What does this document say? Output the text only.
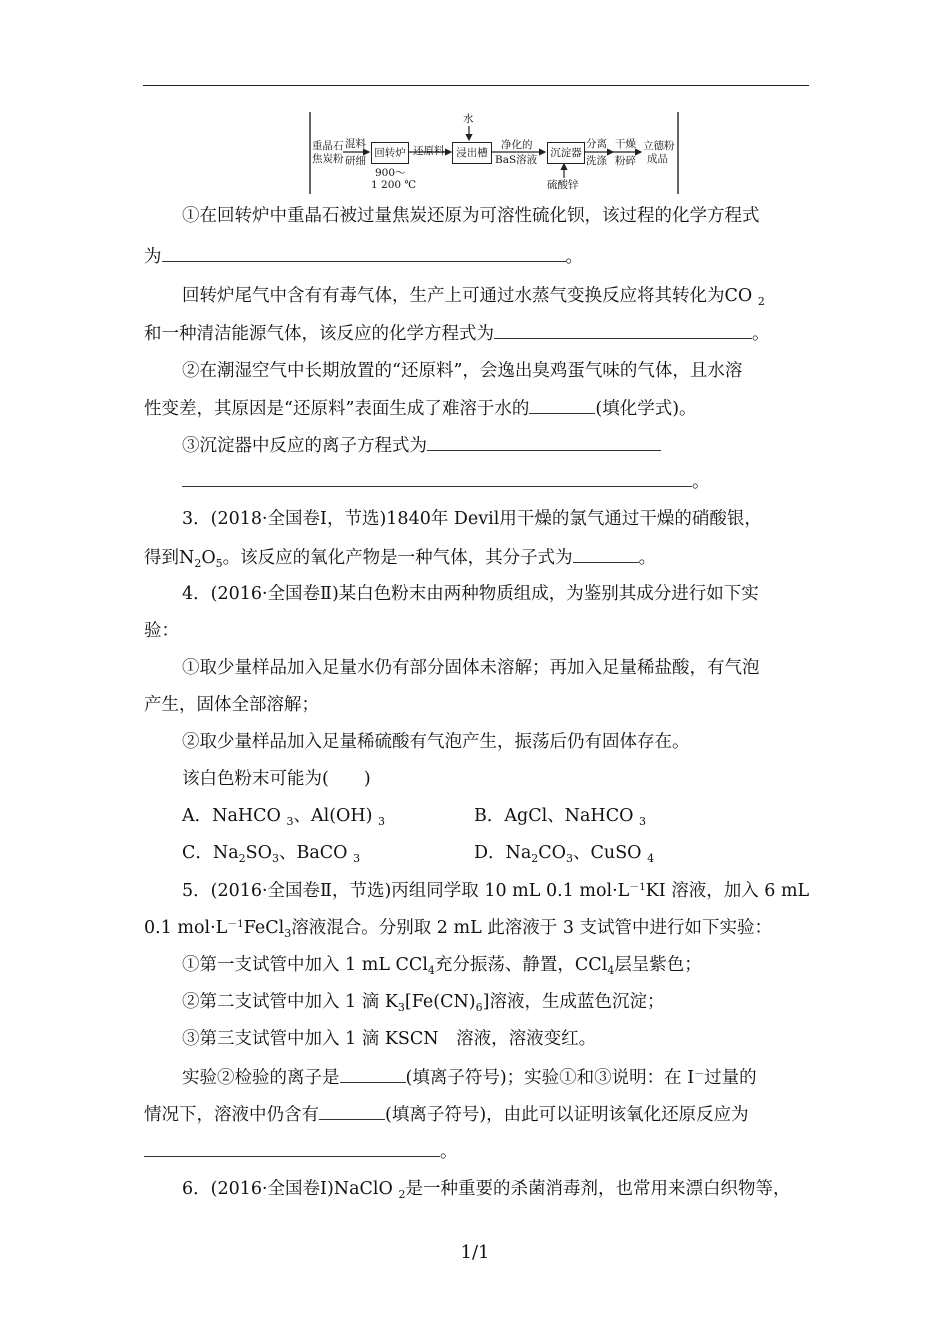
重晶石
焦炭粉
混料
研细
回转炉
900～
1 200 ℃
还原料
水
浸出槽
净化的
BaS溶液
沉淀器
硫酸锌
分离
洗涤
干燥
粉碎
立德粉
成品
①在回转炉中重晶石被过量焦炭还原为可溶性硫化钡，该过程的化学方程式
为	。
回转炉尾气中含有有毒气体，生产上可通过水蒸气变换反应将其转化为CO $_2$
和一种清洁能源气体，该反应的化学方程式为	。
②在潮湿空气中长期放置的“还原料”，会逸出臭鸡蛋气味的气体，且水溶
性变差，其原因是“还原料”表面生成了难溶于水的	(填化学式)。
③沉淀器中反应的离子方程式为
。
3．(2018·全国卷Ⅰ，节选)1840年 Devil用干燥的氯气通过干燥的硝酸银，
得到$N_2O_5$。该反应的氧化产物是一种气体，其分子式为	。
4．(2016·全国卷Ⅱ)某白色粉末由两种物质组成，为鉴别其成分进行如下实
验：
①取少量样品加入足量水仍有部分固体未溶解；再加入足量稀盐酸，有气泡
产生，固体全部溶解；
②取少量样品加入足量稀硫酸有气泡产生，振荡后仍有固体存在。
该白色粉末可能为(　　)
A．NaHCO $_3$、Al(OH) $_3$	B．AgCl、NaHCO $_3$
C．$Na_2SO_3$、BaCO $_3$	D．$Na_2CO_3$、CuSO $_4$
5．(2016·全国卷Ⅱ，节选)丙组同学取 10 mL 0.1 $mol\cdot L^{-1}KI$ 溶液，加入 6 mL
0.1 $mol\cdot L^{-1}FeCl_3$溶液混合。分别取 2 mL 此溶液于 3 支试管中进行如下实验：
①第一支试管中加入 1 mL CCl$_4$充分振荡、静置，CCl$_4$层呈紫色；
②第二支试管中加入 1 滴 $K_3[Fe(CN)_6]$溶液，生成蓝色沉淀；
③第三支试管中加入 1 滴 KSCN　溶液，溶液变红。
实验②检验的离子是	(填离子符号)；实验①和③说明：在 I－过量的
情况下，溶液中仍含有	(填离子符号)，由此可以证明该氧化还原反应为
。
6．(2016·全国卷Ⅰ)NaClO $_2$是一种重要的杀菌消毒剂，也常用来漂白织物等，
1/1
